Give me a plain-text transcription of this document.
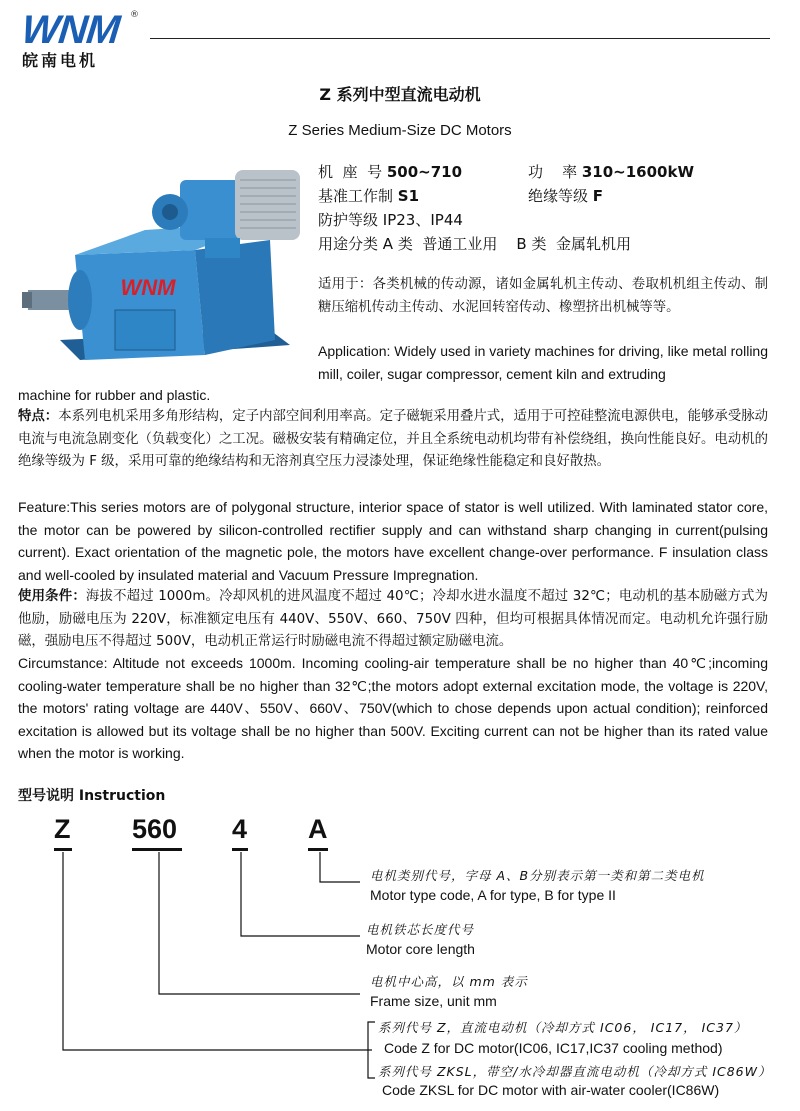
WNM ®
皖南电机
Z 系列中型直流电动机
Z Series Medium-Size DC Motors
WNM
机  座  号 500~710	功    率 310~1600kW
基准工作制 S1	绝缘等级 F
防护等级 IP23、IP44
用途分类 A 类  普通工业用    B 类  金属轧机用
适用于：各类机械的传动源，诸如金属轧机主传动、卷取机机组主传动、制糖压缩机传动主传动、水泥回转窑传动、橡塑挤出机械等等。
Application: Widely used in variety machines for driving, like metal rolling mill, coiler, sugar compressor, cement kiln and extruding
machine for rubber and plastic.
特点：本系列电机采用多角形结构，定子内部空间利用率高。定子磁轭采用叠片式，适用于可控硅整流电源供电，能够承受脉动电流与电流急剧变化（负载变化）之工况。磁极安装有精确定位，并且全系统电动机均带有补偿绕组，换向性能良好。电动机的绝缘等级为 F 级，采用可靠的绝缘结构和无溶剂真空压力浸漆处理，保证绝缘性能稳定和良好散热。
Feature:This series motors are of polygonal structure, interior space of stator is well utilized. With laminated stator core, the motor can be powered by silicon-controlled rectifier supply and can withstand sharp changing in current(pulsing current). Exact orientation of the magnetic pole, the motors have excellent change-over performance. F insulation class and well-cooled by insulated material and Vacuum Pressure Impregnation.
使用条件：海拔不超过 1000m。冷却风机的进风温度不超过 40℃；冷却水进水温度不超过 32℃；电动机的基本励磁方式为他励，励磁电压为 220V，标准额定电压有 440V、550V、660、750V 四种，但均可根据具体情况而定。电动机允许强行励磁，强励电压不得超过 500V，电动机正常运行时励磁电流不得超过额定励磁电流。
Circumstance: Altitude not exceeds 1000m. Incoming cooling-air temperature shall be no higher than 40℃;incoming cooling-water temperature shall be no higher than 32℃;the motors adopt external excitation mode, the voltage is 220V, the motors' rating voltage are 440V、550V、660V、750V(which to chose depends upon actual condition); reinforced excitation is allowed but its voltage shall be no higher than 500V. Exciting current can not be higher than its rated value when the motor is working.
型号说明 Instruction
Z 560 4 A
电机类别代号，字母 A、B分别表示第一类和第二类电机
Motor type code, A for type, B for type II
电机铁芯长度代号
Motor core length
电机中心高，以 mm 表示
Frame size, unit mm
系列代号 Z，直流电动机（冷却方式 IC06， IC17， IC37）
Code Z for DC motor(IC06, IC17,IC37 cooling method)
系列代号 ZKSL，带空/水冷却器直流电动机（冷却方式 IC86W）
Code ZKSL for DC motor with air-water cooler(IC86W)
